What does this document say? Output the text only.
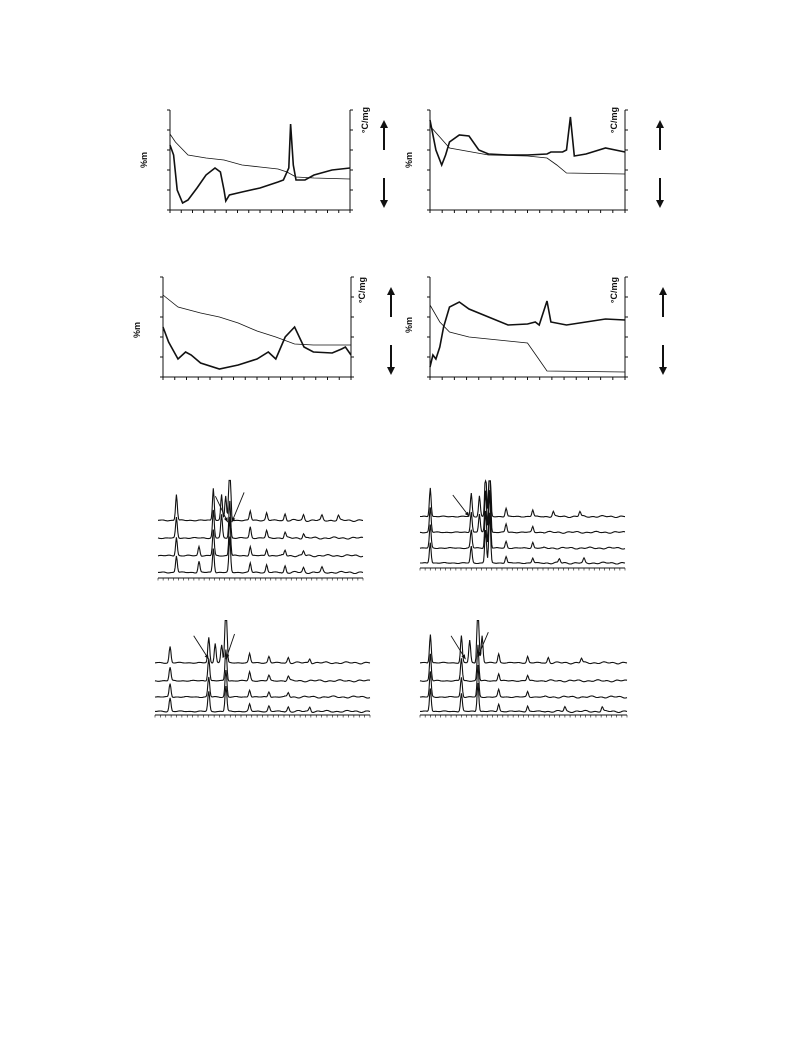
%m
°C/mg
%m
°C/mg
%m
°C/mg
%m
°C/mg
